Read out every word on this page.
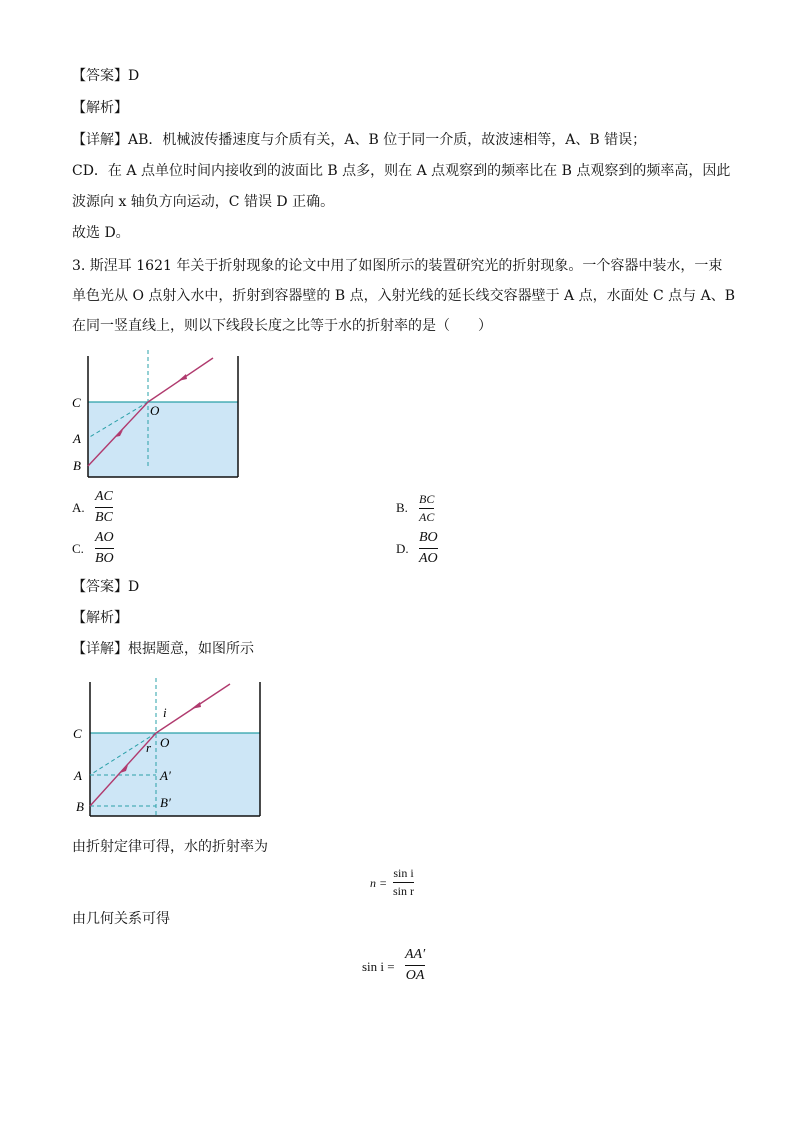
【答案】D
【解析】
【详解】AB．机械波传播速度与介质有关，A、B 位于同一介质，故波速相等，A、B 错误；
CD．在 A 点单位时间内接收到的波面比 B 点多，则在 A 点观察到的频率比在 B 点观察到的频率高，因此
波源向 x 轴负方向运动，C 错误 D 正确。
故选 D。
3. 斯涅耳 1621 年关于折射现象的论文中用了如图所示的装置研究光的折射现象。一个容器中装水，一束
单色光从 O 点射入水中，折射到容器壁的 B 点，入射光线的延长线交容器壁于 A 点，水面处 C 点与 A、B
在同一竖直线上，则以下线段长度之比等于水的折射率的是（　　）
C
O
A
B
A.
AC
BC
B.
BC
AC
C.
AO
BO
D.
BO
AO
【答案】D
【解析】
【详解】根据题意，如图所示
C
O
i
r
A	A′
B	B′
由折射定律可得，水的折射率为
n =
sin i
sin r
由几何关系可得
sin i =
AA′
OA
